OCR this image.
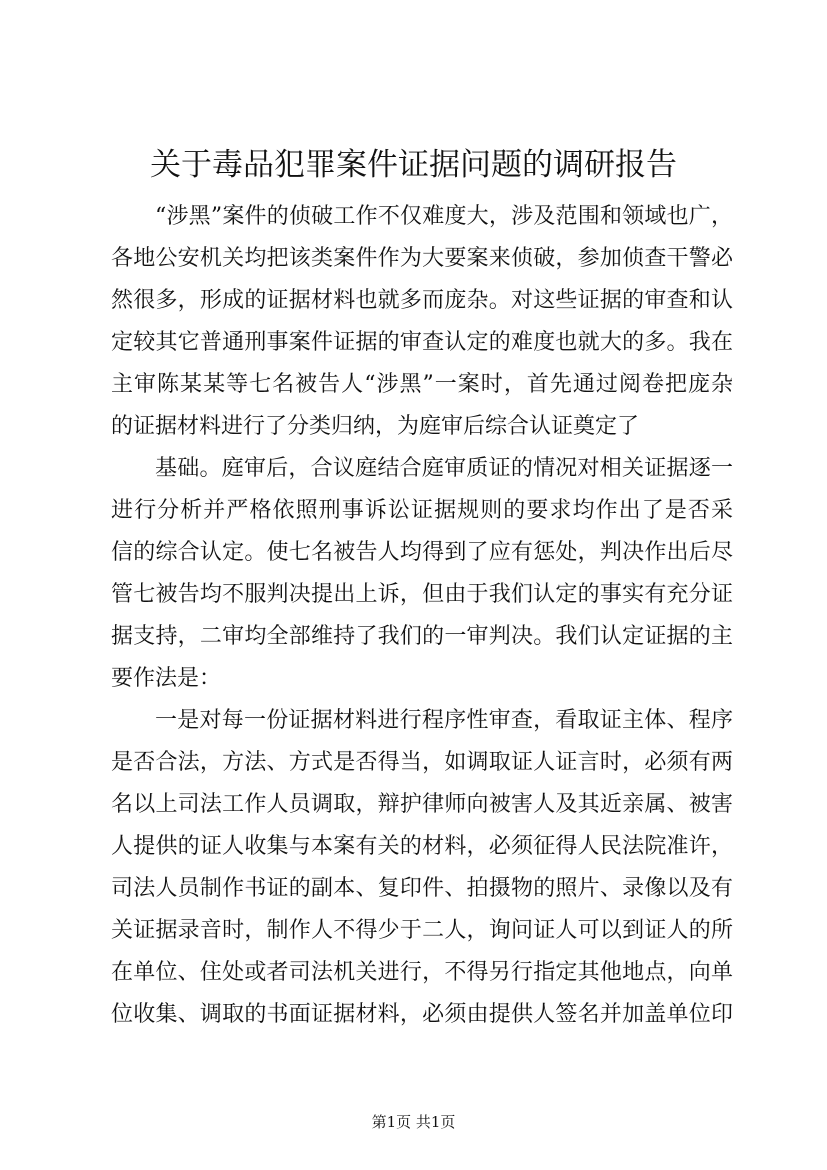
关于毒品犯罪案件证据问题的调研报告
“涉黑”案件的侦破工作不仅难度大，涉及范围和领域也广，
各地公安机关均把该类案件作为大要案来侦破，参加侦查干警必
然很多，形成的证据材料也就多而庞杂。对这些证据的审查和认
定较其它普通刑事案件证据的审查认定的难度也就大的多。我在
主审陈某某等七名被告人“涉黑”一案时，首先通过阅卷把庞杂
的证据材料进行了分类归纳，为庭审后综合认证奠定了
基础。庭审后，合议庭结合庭审质证的情况对相关证据逐一
进行分析并严格依照刑事诉讼证据规则的要求均作出了是否采
信的综合认定。使七名被告人均得到了应有惩处，判决作出后尽
管七被告均不服判决提出上诉，但由于我们认定的事实有充分证
据支持，二审均全部维持了我们的一审判决。我们认定证据的主
要作法是：
一是对每一份证据材料进行程序性审查，看取证主体、程序
是否合法，方法、方式是否得当，如调取证人证言时，必须有两
名以上司法工作人员调取，辩护律师向被害人及其近亲属、被害
人提供的证人收集与本案有关的材料，必须征得人民法院准许，
司法人员制作书证的副本、复印件、拍摄物的照片、录像以及有
关证据录音时，制作人不得少于二人，询问证人可以到证人的所
在单位、住处或者司法机关进行，不得另行指定其他地点，向单
位收集、调取的书面证据材料，必须由提供人签名并加盖单位印
第1页 共1页
